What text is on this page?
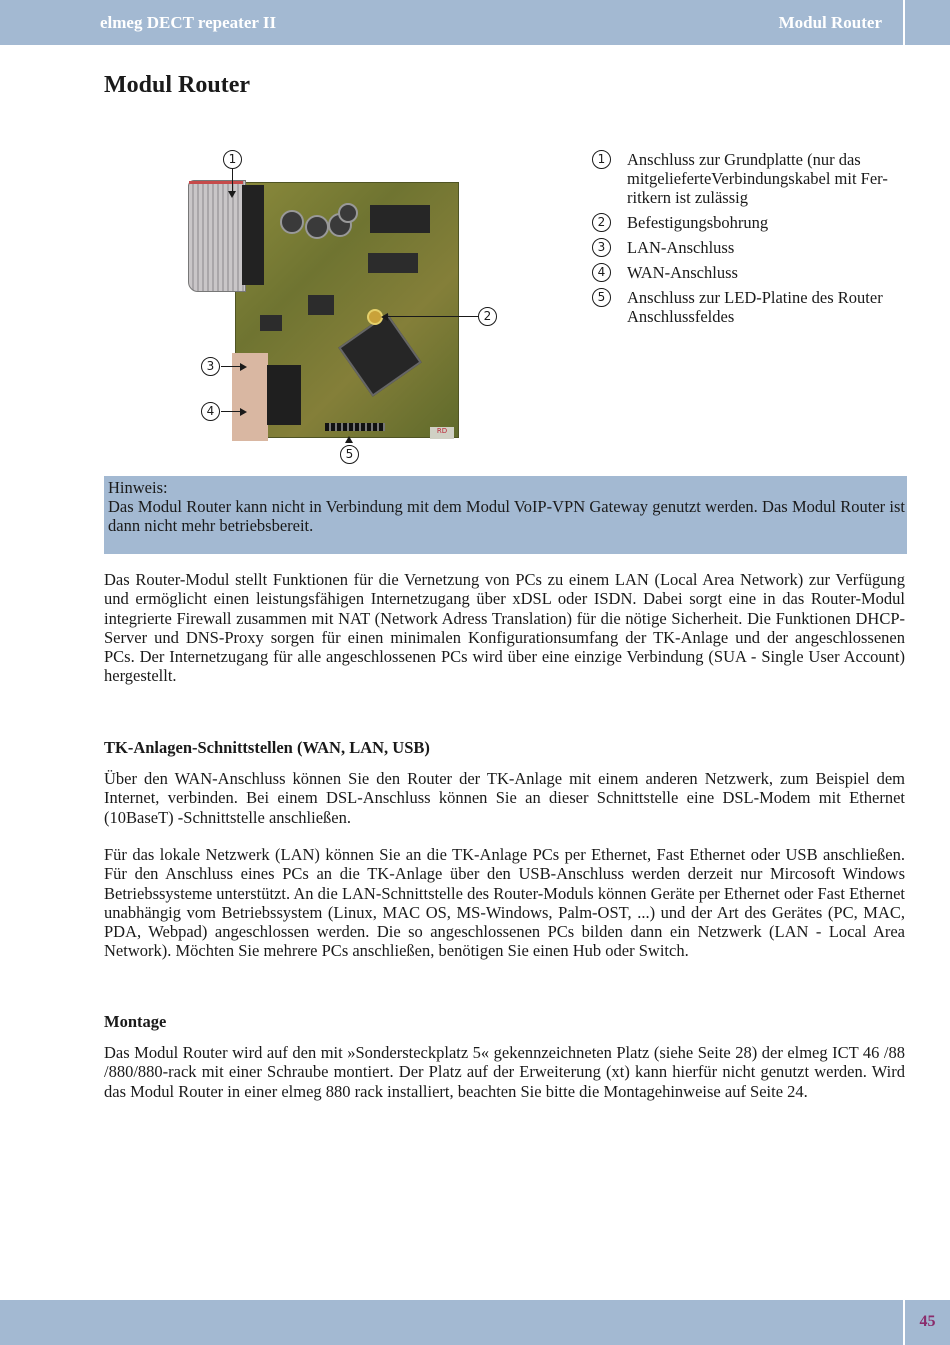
elmeg DECT repeater II	Modul Router
Modul Router
RD
1
2
3
4
5
1	Anschluss zur Grundplatte (nur das mitgelieferteVerbindungskabel mit Fer-ritkern ist zulässig
2	Befestigungsbohrung
3	LAN-Anschluss
4	WAN-Anschluss
5	Anschluss zur LED-Platine des Router Anschlussfeldes

Hinweis:

Das Modul Router kann nicht in Verbindung mit dem Modul VoIP-VPN Gateway genutzt werden. Das Modul Router ist dann nicht mehr betriebsbereit.

Das Router-Modul stellt Funktionen für die Vernetzung von PCs zu einem LAN (Local Area Network) zur Verfügung und ermöglicht einen leistungsfähigen Internetzugang über xDSL oder ISDN. Dabei sorgt eine in das Router-Modul integrierte Firewall zusammen mit NAT (Network Adress Translation) für die nötige Sicherheit. Die Funktionen DHCP-Server und DNS-Proxy sorgen für einen minimalen Konfigurationsumfang der TK-Anlage und der angeschlossenen PCs. Der Internetzugang für alle angeschlossenen PCs wird über eine einzige Verbindung (SUA - Single User Account) hergestellt.

TK-Anlagen-Schnittstellen (WAN, LAN, USB)

Über den WAN-Anschluss können Sie den Router der TK-Anlage mit einem anderen Netzwerk, zum Beispiel dem Internet, verbinden. Bei einem DSL-Anschluss können Sie an dieser Schnittstelle eine DSL-Modem mit Ethernet (10BaseT) -Schnittstelle anschließen.

Für das lokale Netzwerk (LAN) können Sie an die TK-Anlage PCs per Ethernet, Fast Ethernet oder USB anschließen. Für den Anschluss eines PCs an die TK-Anlage über den USB-Anschluss werden derzeit nur Mircosoft Windows Betriebssysteme unterstützt. An die LAN-Schnittstelle des Router-Moduls können Geräte per Ethernet oder Fast Ethernet unabhängig vom Betriebssystem (Linux, MAC OS, MS-Windows, Palm-OST, ...) und der Art des Gerätes (PC, MAC, PDA, Webpad) angeschlossen werden. Die so angeschlossenen PCs bilden dann ein Netzwerk (LAN - Local Area Network). Möchten Sie mehrere PCs anschließen, benötigen Sie einen Hub oder Switch.

Montage

Das Modul Router wird auf den mit »Sondersteckplatz 5« gekennzeichneten Platz (siehe Seite 28) der elmeg ICT 46 /88 /880/880-rack mit einer Schraube montiert. Der Platz auf der Erweiterung (xt) kann hierfür nicht genutzt werden. Wird das Modul Router in einer elmeg 880 rack installiert, beachten Sie bitte die Montagehinweise auf Seite 24.

45
